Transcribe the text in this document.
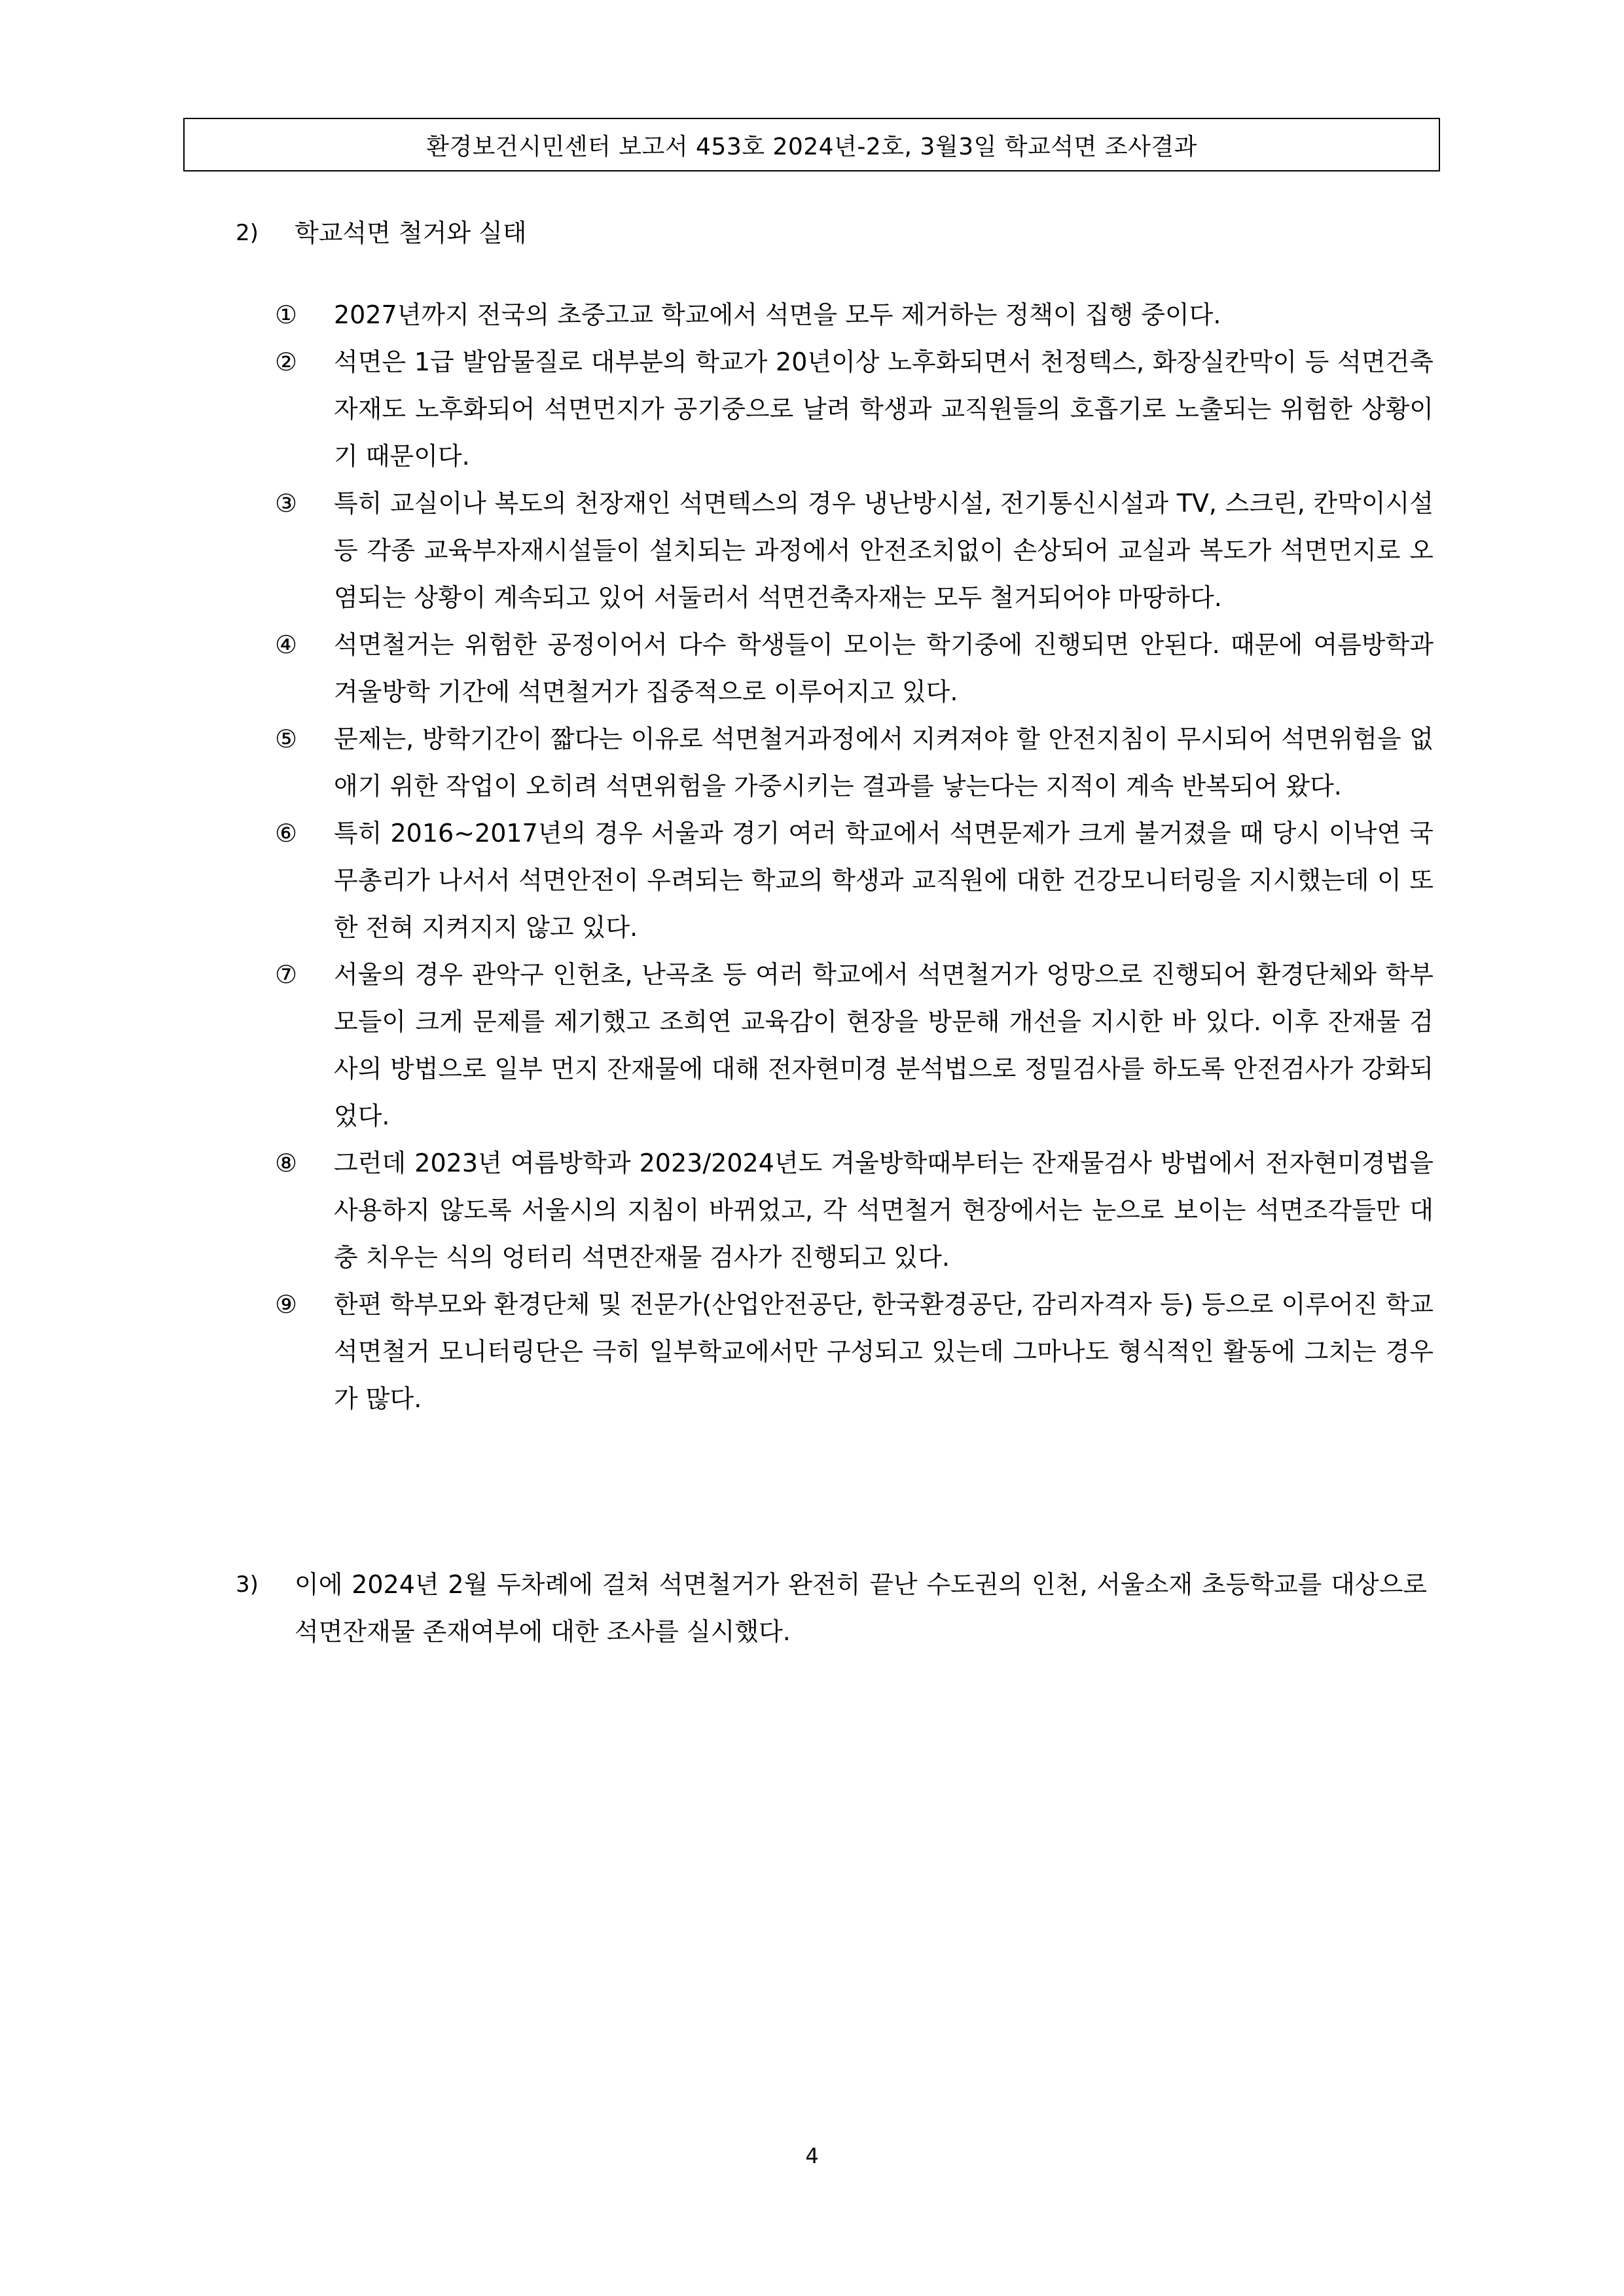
환경보건시민센터 보고서 453호 2024년-2호, 3월3일 학교석면 조사결과
2)	학교석면 철거와 실태
①	2027년까지 전국의 초중고교 학교에서 석면을 모두 제거하는 정책이 집행 중이다.
②	석면은 1급 발암물질로 대부분의 학교가 20년이상 노후화되면서 천정텍스, 화장실칸막이 등 석면건축자재도 노후화되어 석면먼지가 공기중으로 날려 학생과 교직원들의 호흡기로 노출되는 위험한 상황이기 때문이다.
③	특히 교실이나 복도의 천장재인 석면텍스의 경우 냉난방시설, 전기통신시설과 TV, 스크린, 칸막이시설 등 각종 교육부자재시설들이 설치되는 과정에서 안전조치없이 손상되어 교실과 복도가 석면먼지로 오염되는 상황이 계속되고 있어 서둘러서 석면건축자재는 모두 철거되어야 마땅하다.
④	석면철거는 위험한 공정이어서 다수 학생들이 모이는 학기중에 진행되면 안된다. 때문에 여름방학과 겨울방학 기간에 석면철거가 집중적으로 이루어지고 있다.
⑤	문제는, 방학기간이 짧다는 이유로 석면철거과정에서 지켜져야 할 안전지침이 무시되어 석면위험을 없애기 위한 작업이 오히려 석면위험을 가중시키는 결과를 낳는다는 지적이 계속 반복되어 왔다.
⑥	특히 2016~2017년의 경우 서울과 경기 여러 학교에서 석면문제가 크게 불거졌을 때 당시 이낙연 국무총리가 나서서 석면안전이 우려되는 학교의 학생과 교직원에 대한 건강모니터링을 지시했는데 이 또한 전혀 지켜지지 않고 있다.
⑦	서울의 경우 관악구 인헌초, 난곡초 등 여러 학교에서 석면철거가 엉망으로 진행되어 환경단체와 학부모들이 크게 문제를 제기했고 조희연 교육감이 현장을 방문해 개선을 지시한 바 있다. 이후 잔재물 검사의 방법으로 일부 먼지 잔재물에 대해 전자현미경 분석법으로 정밀검사를 하도록 안전검사가 강화되었다.
⑧	그런데 2023년 여름방학과 2023/2024년도 겨울방학때부터는 잔재물검사 방법에서 전자현미경법을 사용하지 않도록 서울시의 지침이 바뀌었고, 각 석면철거 현장에서는 눈으로 보이는 석면조각들만 대충 치우는 식의 엉터리 석면잔재물 검사가 진행되고 있다.
⑨	한편 학부모와 환경단체 및 전문가(산업안전공단, 한국환경공단, 감리자격자 등) 등으로 이루어진 학교석면철거 모니터링단은 극히 일부학교에서만 구성되고 있는데 그마나도 형식적인 활동에 그치는 경우가 많다.
3)	이에 2024년 2월 두차례에 걸쳐 석면철거가 완전히 끝난 수도권의 인천, 서울소재 초등학교를 대상으로 석면잔재물 존재여부에 대한 조사를 실시했다.
4
